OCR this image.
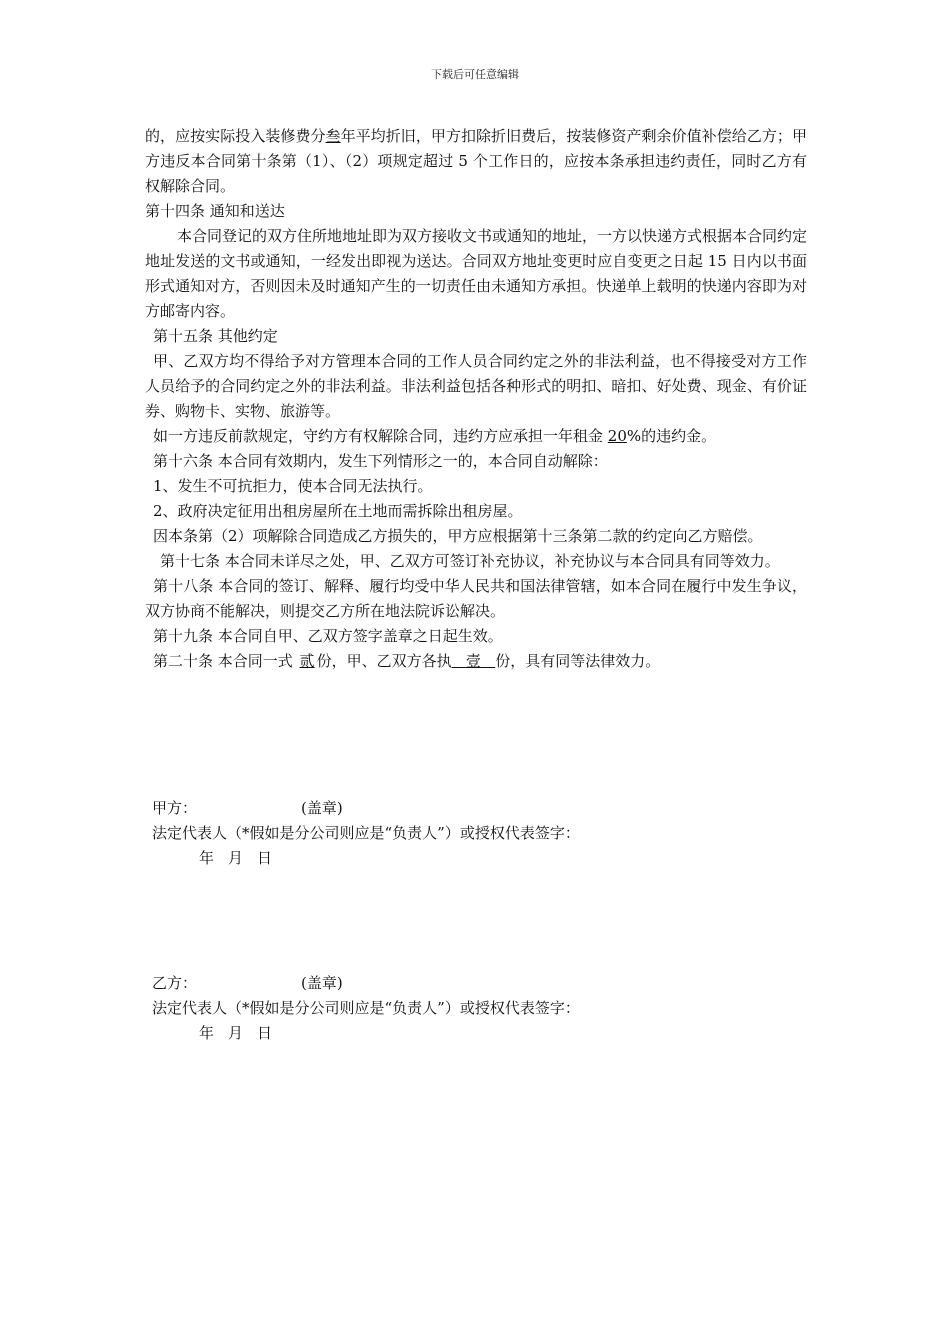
下载后可任意编辑

的，应按实际投入装修费分叁年平均折旧，甲方扣除折旧费后，按装修资产剩余价值补偿给乙方；甲方违反本合同第十条第（1）、（2）项规定超过 5 个工作日的，应按本条承担违约责任，同时乙方有权解除合同。

第十四条 通知和送达

本合同登记的双方住所地地址即为双方接收文书或通知的地址，一方以快递方式根据本合同约定地址发送的文书或通知，一经发出即视为送达。合同双方地址变更时应自变更之日起 15 日内以书面形式通知对方，否则因未及时通知产生的一切责任由未通知方承担。快递单上载明的快递内容即为对方邮寄内容。

第十五条 其他约定

甲、乙双方均不得给予对方管理本合同的工作人员合同约定之外的非法利益，也不得接受对方工作人员给予的合同约定之外的非法利益。非法利益包括各种形式的明扣、暗扣、好处费、现金、有价证券、购物卡、实物、旅游等。

如一方违反前款规定，守约方有权解除合同，违约方应承担一年租金 20%的违约金。

第十六条 本合同有效期内，发生下列情形之一的，本合同自动解除：

1、发生不可抗拒力，使本合同无法执行。

2、政府决定征用出租房屋所在土地而需拆除出租房屋。

因本条第（2）项解除合同造成乙方损失的，甲方应根据第十三条第二款的约定向乙方赔偿。

第十七条 本合同未详尽之处，甲、乙双方可签订补充协议，补充协议与本合同具有同等效力。

第十八条 本合同的签订、解释、履行均受中华人民共和国法律管辖，如本合同在履行中发生争议，双方协商不能解决，则提交乙方所在地法院诉讼解决。

第十九条 本合同自甲、乙双方签字盖章之日起生效。

第二十条 本合同一式 贰 份，甲、乙双方各执 壹 份，具有同等法律效力。

甲方：	(盖章)
法定代表人（*假如是分公司则应是“负责人”）或授权代表签字：
年 月 日
乙方：	(盖章)
法定代表人（*假如是分公司则应是“负责人”）或授权代表签字：
年 月 日
